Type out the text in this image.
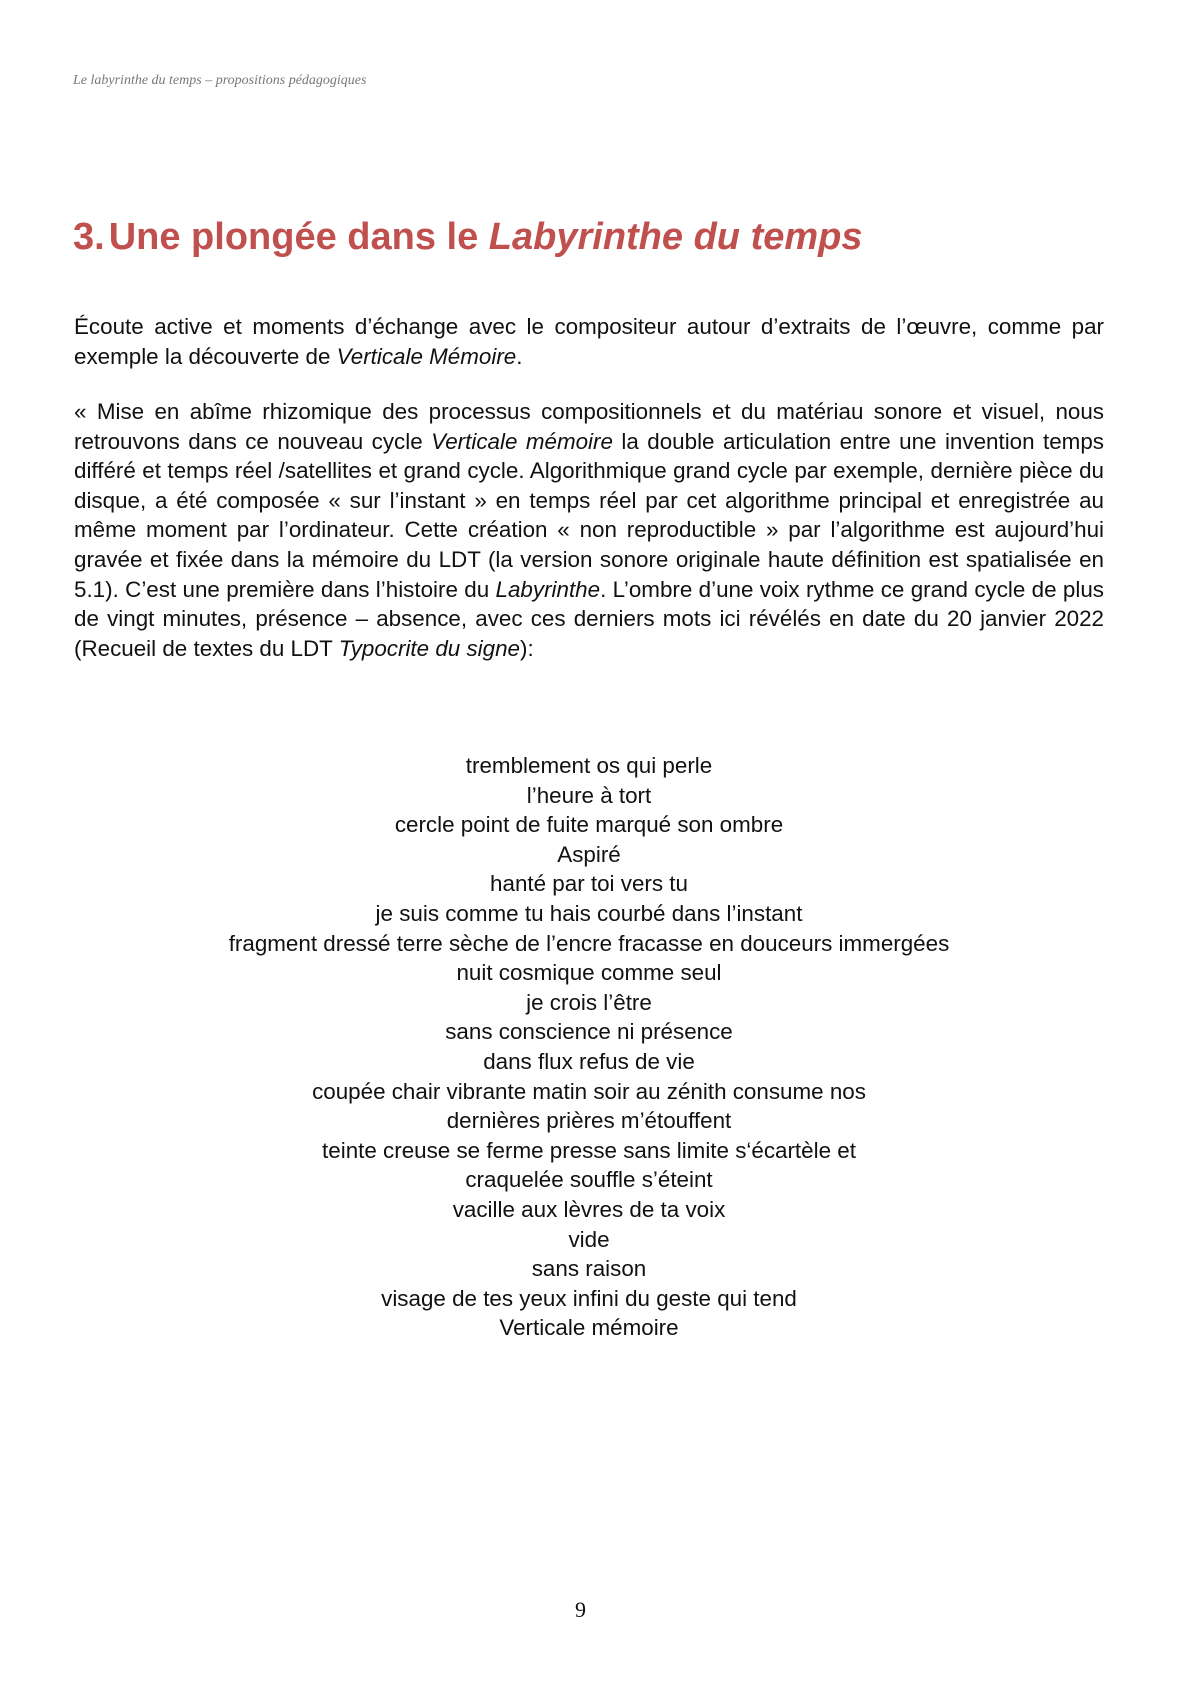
Le labyrinthe du temps – propositions pédagogiques
3. Une plongée dans le Labyrinthe du temps

Écoute active et moments d’échange avec le compositeur autour d’extraits de l’œuvre, comme par exemple la découverte de Verticale Mémoire.

« Mise en abîme rhizomique des processus compositionnels et du matériau sonore et visuel, nous retrouvons dans ce nouveau cycle Verticale mémoire la double articulation entre une invention temps différé et temps réel /satellites et grand cycle. Algorithmique grand cycle par exemple, dernière pièce du disque, a été composée « sur l’instant » en temps réel par cet algorithme principal et enregistrée au même moment par l’ordinateur. Cette création « non reproductible » par l’algorithme est aujourd’hui gravée et fixée dans la mémoire du LDT (la version sonore originale haute définition est spatialisée en 5.1). C’est une première dans l’histoire du Labyrinthe. L’ombre d’une voix rythme ce grand cycle de plus de vingt minutes, présence – absence, avec ces derniers mots ici révélés en date du 20 janvier 2022 (Recueil de textes du LDT Typocrite du signe):

tremblement os qui perle
l’heure à tort
cercle point de fuite marqué son ombre
Aspiré
hanté par toi vers tu
je suis comme tu hais courbé dans l’instant
fragment dressé terre sèche de l’encre fracasse en douceurs immergées
nuit cosmique comme seul
je crois l’être
sans conscience ni présence
dans flux refus de vie
coupée chair vibrante matin soir au zénith consume nos
dernières prières m’étouffent
teinte creuse se ferme presse sans limite s‘écartèle et
craquelée souffle s’éteint
vacille aux lèvres de ta voix
vide
sans raison
visage de tes yeux infini du geste qui tend
Verticale mémoire
9
